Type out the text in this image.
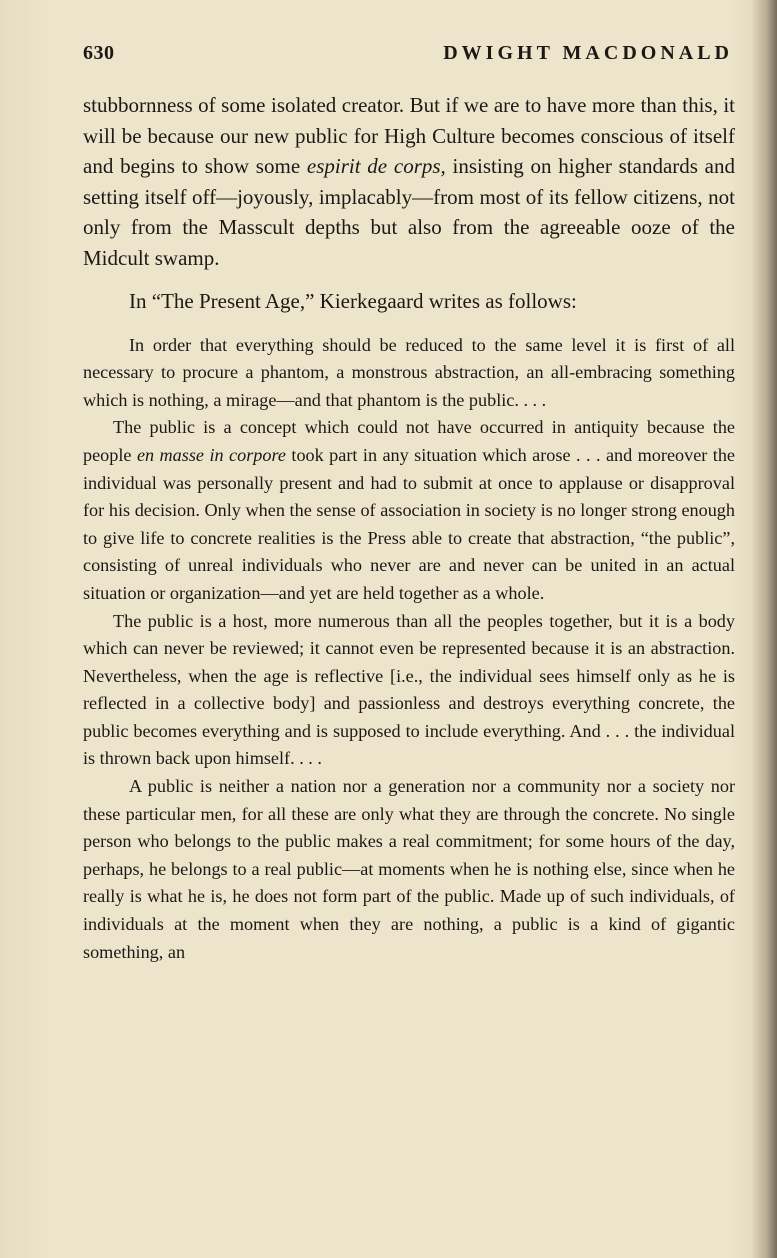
630	DWIGHT MACDONALD

stubbornness of some isolated creator. But if we are to have more than this, it will be because our new public for High Culture becomes conscious of itself and begins to show some espirit de corps, insisting on higher standards and setting itself off—joyously, implacably—from most of its fellow citizens, not only from the Masscult depths but also from the agreeable ooze of the Midcult swamp.

In “The Present Age,” Kierkegaard writes as follows:

In order that everything should be reduced to the same level it is first of all necessary to procure a phantom, a monstrous abstraction, an all-embracing something which is nothing, a mirage—and that phantom is the public. . . .

The public is a concept which could not have occurred in antiquity because the people en masse in corpore took part in any situation which arose . . . and moreover the individual was personally present and had to submit at once to applause or disapproval for his decision. Only when the sense of association in society is no longer strong enough to give life to concrete realities is the Press able to create that abstraction, “the public”, consisting of unreal individuals who never are and never can be united in an actual situation or organization—and yet are held together as a whole.

The public is a host, more numerous than all the peoples together, but it is a body which can never be reviewed; it cannot even be represented because it is an abstraction. Nevertheless, when the age is reflective [i.e., the individual sees himself only as he is reflected in a collective body] and passionless and destroys everything concrete, the public becomes everything and is supposed to include everything. And . . . the individual is thrown back upon himself. . . .

A public is neither a nation nor a generation nor a community nor a society nor these particular men, for all these are only what they are through the concrete. No single person who belongs to the public makes a real commitment; for some hours of the day, perhaps, he belongs to a real public—at moments when he is nothing else, since when he really is what he is, he does not form part of the public. Made up of such individuals, of individuals at the moment when they are nothing, a public is a kind of gigantic something, an
